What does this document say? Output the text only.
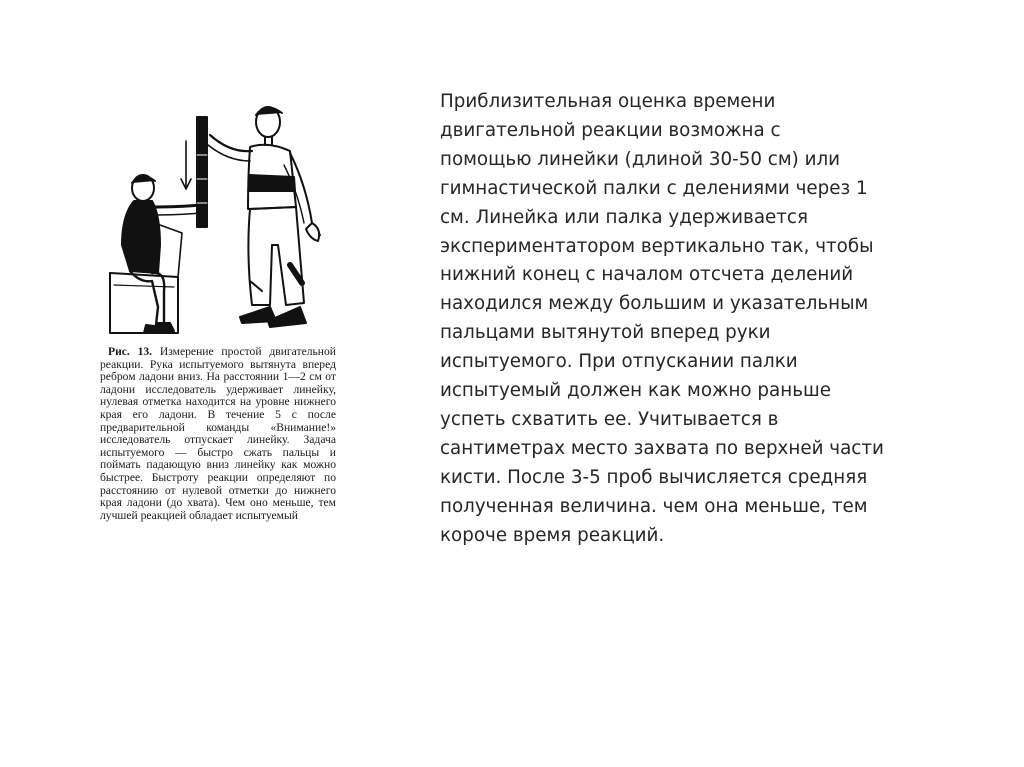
Рис. 13. Измерение простой двигательной реакции. Рука испытуемого вытянута вперед ребром ладони вниз. На расстоянии 1—2 см от ладони исследователь удерживает линейку, нулевая отметка находится на уровне нижнего края его ладони. В течение 5 с после предварительной команды «Внимание!» исследователь отпускает линейку. Задача испытуемого — быстро сжать пальцы и поймать падающую вниз линейку как можно быстрее. Быстроту реакции определяют по расстоянию от нулевой отметки до нижнего края ладони (до хвата). Чем оно меньше, тем лучшей реакцией обладает испытуемый
Приблизительная оценка времени
двигательной реакции возможна с
помощью линейки (длиной 30-50 см) или
гимнастической палки с делениями через 1
см. Линейка или палка удерживается
экспериментатором вертикально так, чтобы
нижний конец с началом отсчета делений
находился между большим и указательным
пальцами вытянутой вперед руки
испытуемого. При отпускании палки
испытуемый должен как можно раньше
успеть схватить ее. Учитывается в
сантиметрах место захвата по верхней части
кисти. После 3-5 проб вычисляется средняя
полученная величина. чем она меньше, тем
короче время реакций.
